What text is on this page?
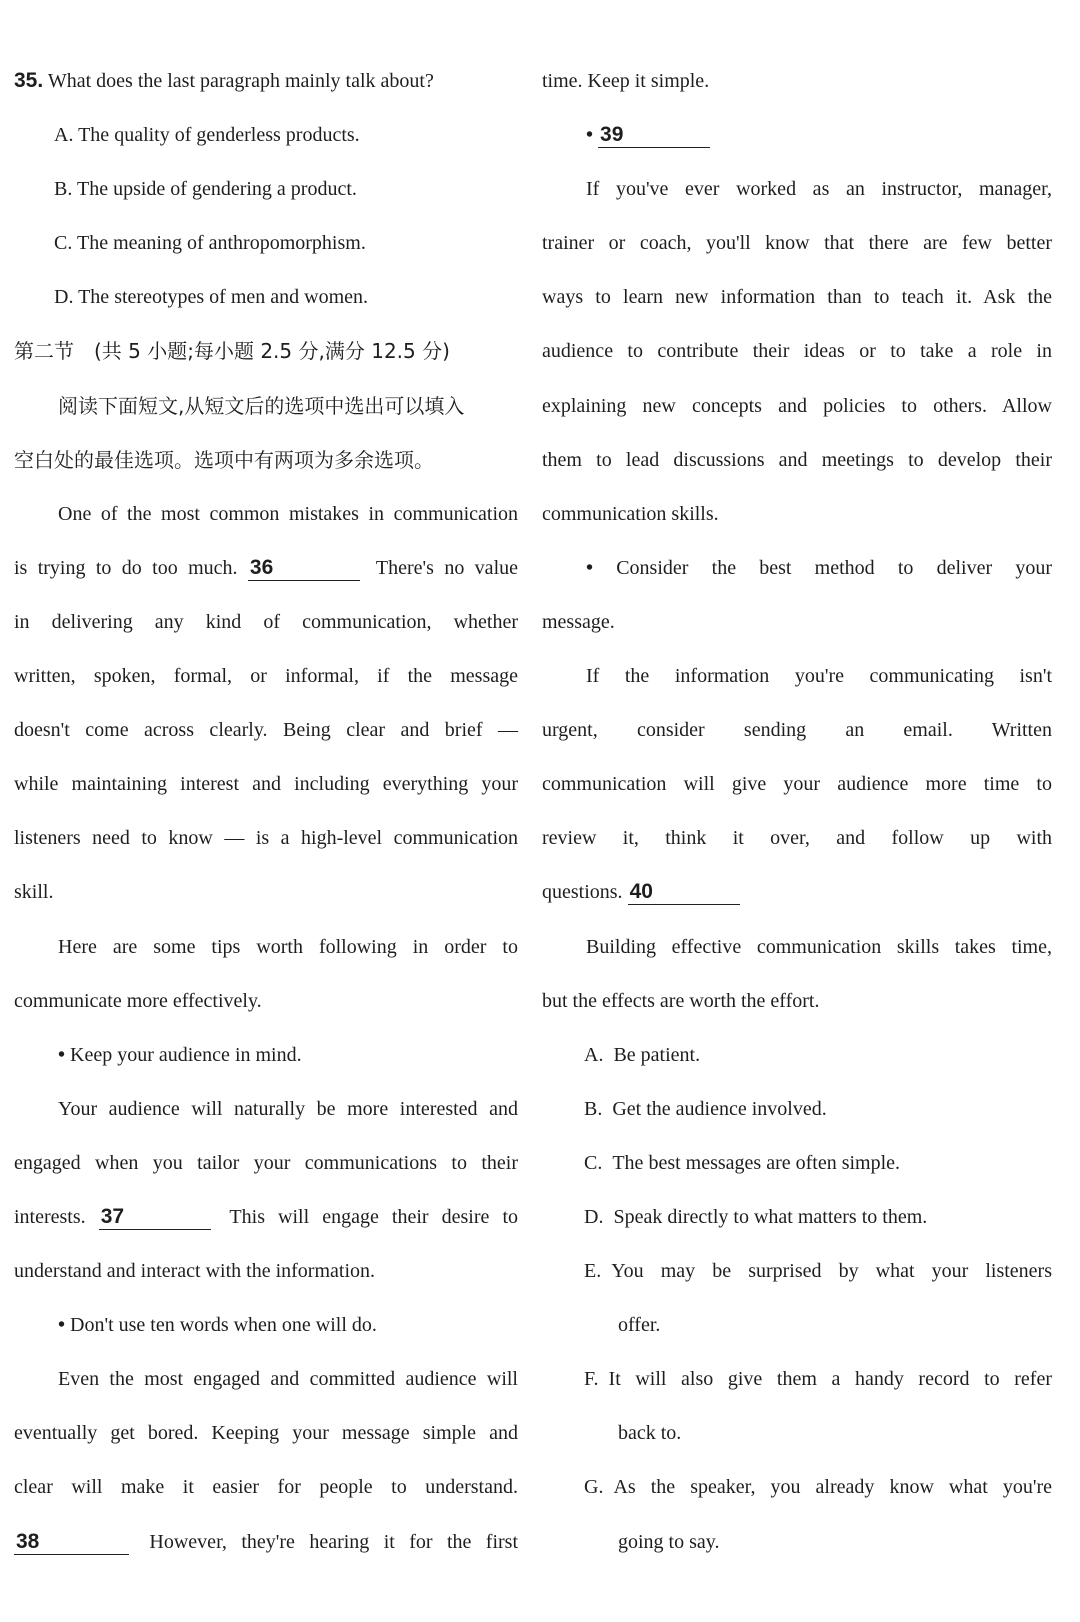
35. What does the last paragraph mainly talk about?
A. The quality of genderless products.
B. The upside of gendering a product.
C. The meaning of anthropomorphism.
D. The stereotypes of men and women.
第二节　(共 5 小题;每小题 2.5 分,满分 12.5 分)
阅读下面短文,从短文后的选项中选出可以填入
空白处的最佳选项。选项中有两项为多余选项。
One of the most common mistakes in communication
is trying to do too much. 36	There's no value
in delivering any kind of communication, whether
written, spoken, formal, or informal, if the message
doesn't come across clearly. Being clear and brief —
while maintaining interest and including everything your
listeners need to know — is a high-level communication
skill.
Here are some tips worth following in order to
communicate more effectively.
• Keep your audience in mind.
Your audience will naturally be more interested and
engaged when you tailor your communications to their
interests. 37	This will engage their desire to
understand and interact with the information.
• Don't use ten words when one will do.
Even the most engaged and committed audience will
eventually get bored. Keeping your message simple and
clear will make it easier for people to understand.
38	However, they're hearing it for the first
time. Keep it simple.
• 39
If you've ever worked as an instructor, manager,
trainer or coach, you'll know that there are few better
ways to learn new information than to teach it. Ask the
audience to contribute their ideas or to take a role in
explaining new concepts and policies to others. Allow
them to lead discussions and meetings to develop their
communication skills.
• Consider the best method to deliver your
message.
If the information you're communicating isn't
urgent, consider sending an email. Written
communication will give your audience more time to
review it, think it over, and follow up with
questions. 40
Building effective communication skills takes time,
but the effects are worth the effort.
A. Be patient.
B. Get the audience involved.
C. The best messages are often simple.
D. Speak directly to what matters to them.
E. You may be surprised by what your listeners
offer.
F. It will also give them a handy record to refer
back to.
G. As the speaker, you already know what you're
going to say.
